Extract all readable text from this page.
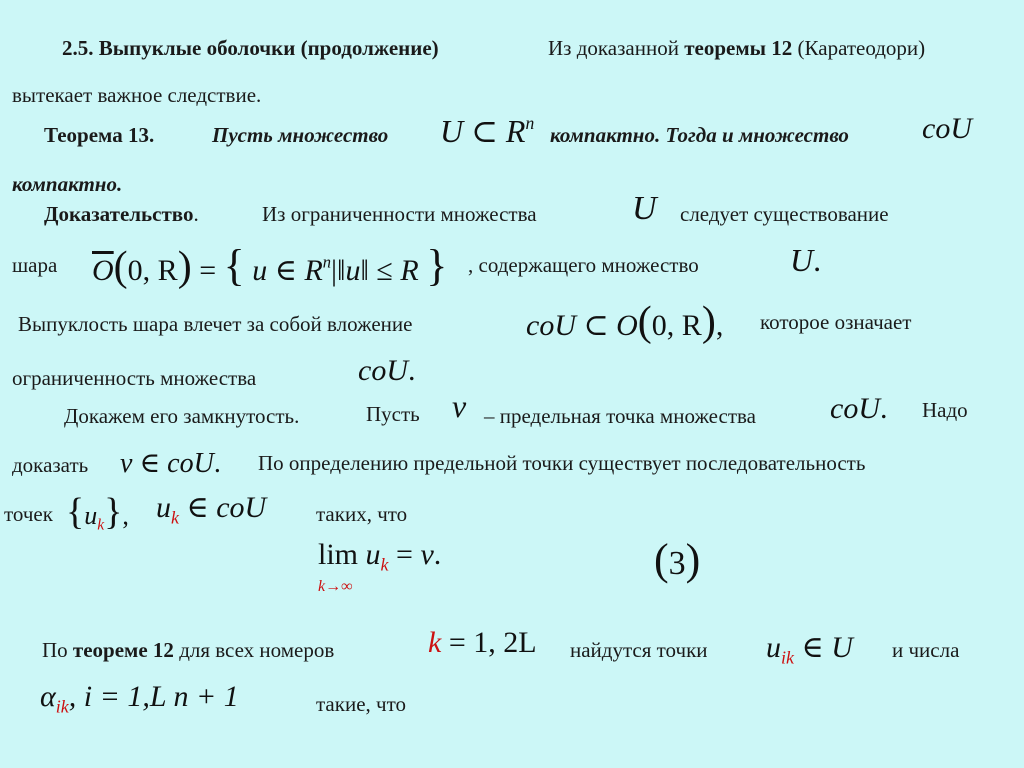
2.5. Выпуклые оболочки (продолжение)	Из доказанной теоремы 12 (Каратеодори)
вытекает важное следствие.
Теорема 13.	Пусть множество U ⊂ $R^n$
компактно. Тогда и множество coU
компактно.
Доказательство.	Из ограниченности множества	U следует существование
шара $\overline{O}(0$, R) = { u ∈ $R^n|‖u‖ \le R$ } , содержащего множество	U.
Выпуклость шара влечет за собой вложение	coU ⊂ O(0, R), которое означает
ограниченность множества	coU.
Докажем его замкнутость.	Пусть v – предельная точка множества coU. Надо
доказать v ∈ coU. По определению предельной точки существует последовательность
точек $\{u_k\}$, $u_k$ ∈ coU таких, что
$\lim u_k = v$.
k→∞
(3)
По теореме 12 для всех номеров	k = 1, 2L найдутся точки $u_{ik}$ ∈ U и числа
$\alpha_{ik}$, i = 1,L n + 1	такие, что
